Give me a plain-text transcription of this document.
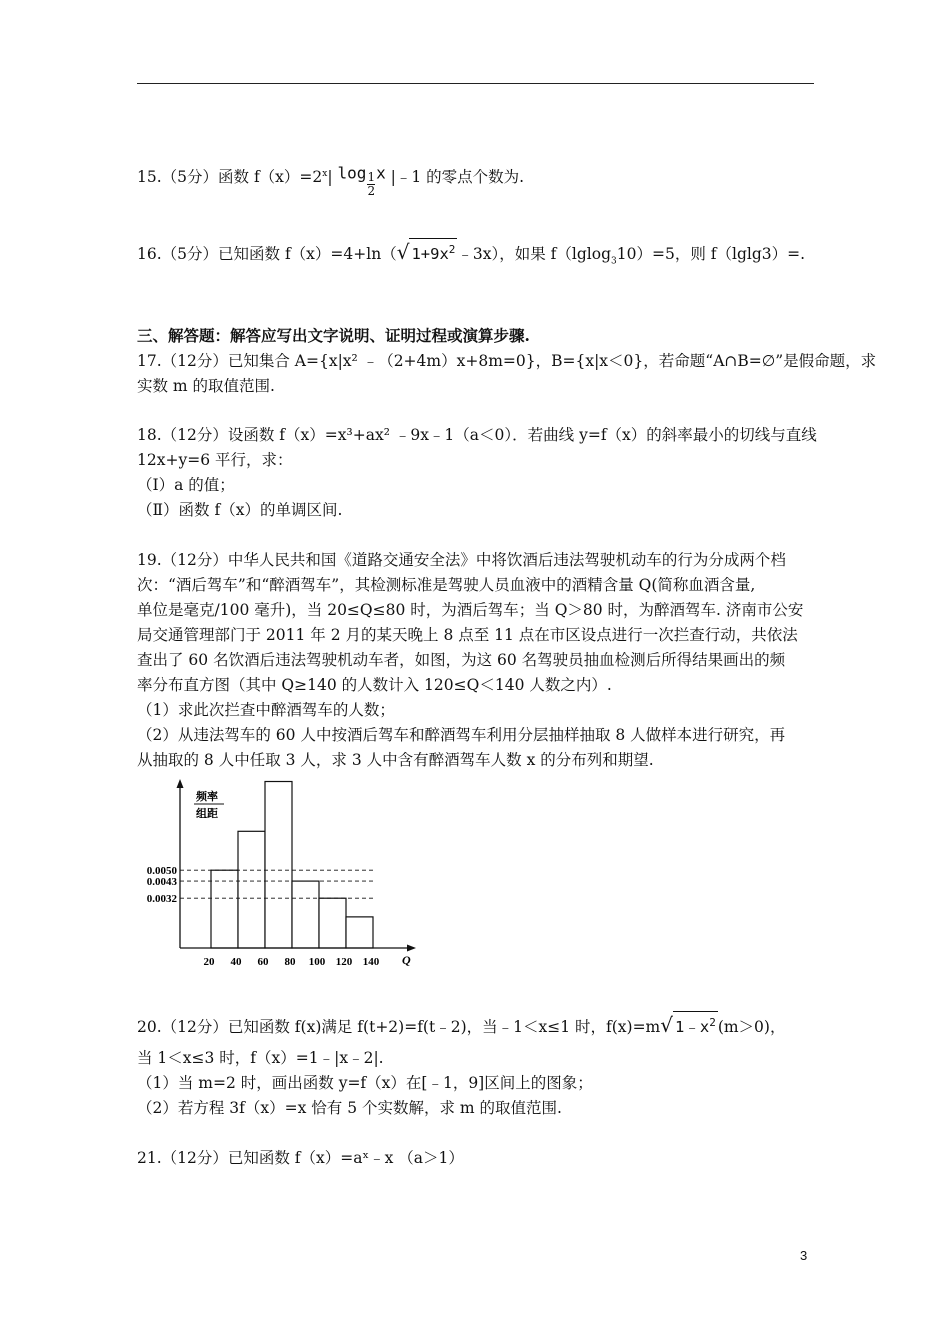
15.（5分）函数 $f(x)=2^x|$ $\log \frac{1}{2}$ x |﹣1 的零点个数为.
16.（5分）已知函数 f（x）=4+ln（√ $1+9x^2$ ﹣3x），如果 f（lglog$_3$10）=5，则 f（lglg3）=.
三、解答题：解答应写出文字说明、证明过程或演算步骤.
17.（12分）已知集合 A={x|x² ﹣（2+4m）x+8m=0}，B={x|x＜0}，若命题“A∩B=∅”是假命题，求
实数 m 的取值范围.
18.（12分）设函数 f（x）=x³+ax² ﹣9x﹣1（a＜0）．若曲线 y=f（x）的斜率最小的切线与直线
12x+y=6 平行，求：
（Ⅰ）a 的值；
（Ⅱ）函数 f（x）的单调区间.
19.（12分）中华人民共和国《道路交通安全法》中将饮酒后违法驾驶机动车的行为分成两个档
次：“酒后驾车”和“醉酒驾车”，其检测标准是驾驶人员血液中的酒精含量 Q(简称血酒含量,
单位是毫克/100 毫升)，当 20≤Q≤80 时，为酒后驾车；当 Q＞80 时，为醉酒驾车. 济南市公安
局交通管理部门于 2011 年 2 月的某天晚上 8 点至 11 点在市区设点进行一次拦查行动，共依法
查出了 60 名饮酒后违法驾驶机动车者，如图，为这 60 名驾驶员抽血检测后所得结果画出的频
率分布直方图（其中 Q≥140 的人数计入 120≤Q＜140 人数之内）.
（1）求此次拦查中醉酒驾车的人数；
（2）从违法驾车的 60 人中按酒后驾车和醉酒驾车利用分层抽样抽取 8 人做样本进行研究，再
从抽取的 8 人中任取 3 人，求 3 人中含有醉酒驾车人数 x 的分布列和期望.
频率
组距
0.0050
0.0043
0.0032
20 40 60 80 100 120 140 Q
20.（12分）已知函数 f(x)满足 f(t+2)=f(t﹣2)，当﹣1＜x≤1 时，f(x)=m√ $1﹣x^2$ (m＞0)，
当 1＜x≤3 时，f（x）=1﹣|x﹣2|.
（1）当 m=2 时，画出函数 y=f（x）在[﹣1，9]区间上的图象；
（2）若方程 3f（x）=x 恰有 5 个实数解，求 m 的取值范围.
21.（12分）已知函数 f（x）=aˣ﹣x （a＞1）
3
